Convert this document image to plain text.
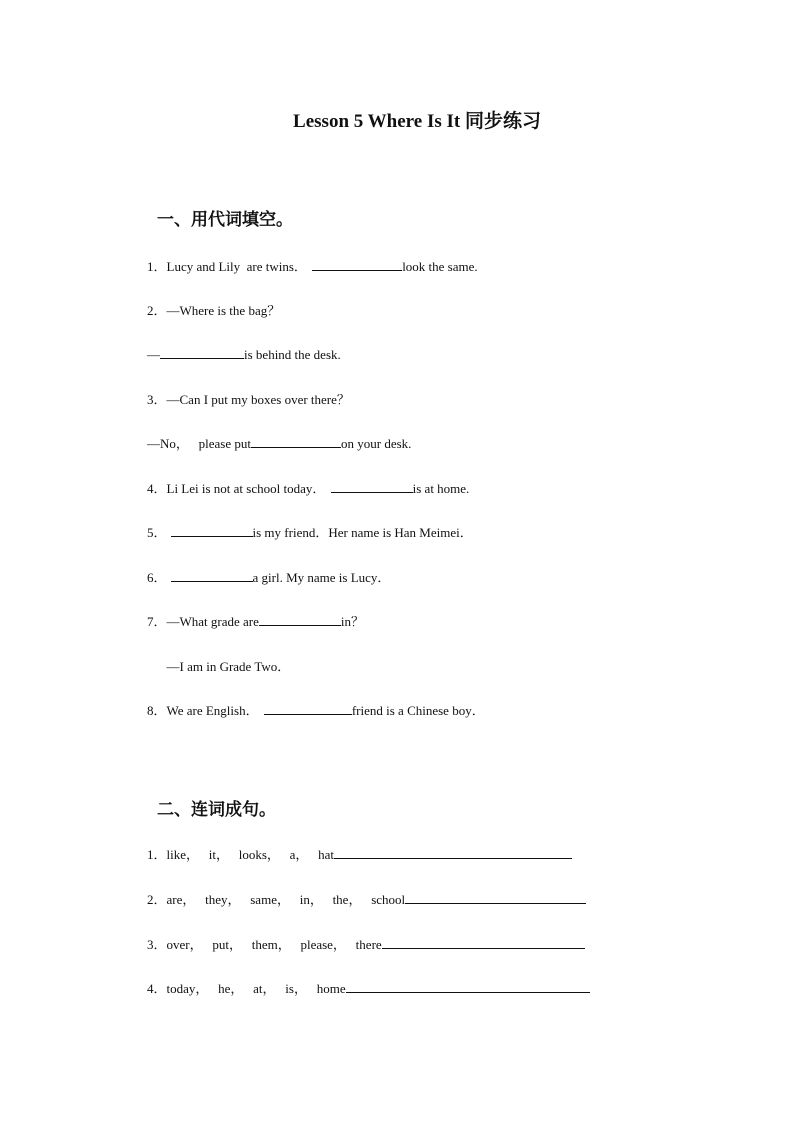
Lesson 5 Where Is It 同步练习
一、用代词填空。
1．Lucy and Lily  are twins．	look the same.
2．—Where is the bag？
—	is behind the desk.
3．—Can I put my boxes over there？
—No，   please put	on your desk.
4．Li Lei is not at school today．	is at home.
5．	is my friend．Her name is Han Meimei．
6．	a girl. My name is Lucy．
7．—What grade are	in？
—I am in Grade Two．
8．We are English．	friend is a Chinese boy．
二、连词成句。
1．like，   it，   looks，   a，   hat
2．are，   they，   same，   in，   the，   school
3．over，   put，   them，   please，   there
4．today，   he，   at，   is，   home
